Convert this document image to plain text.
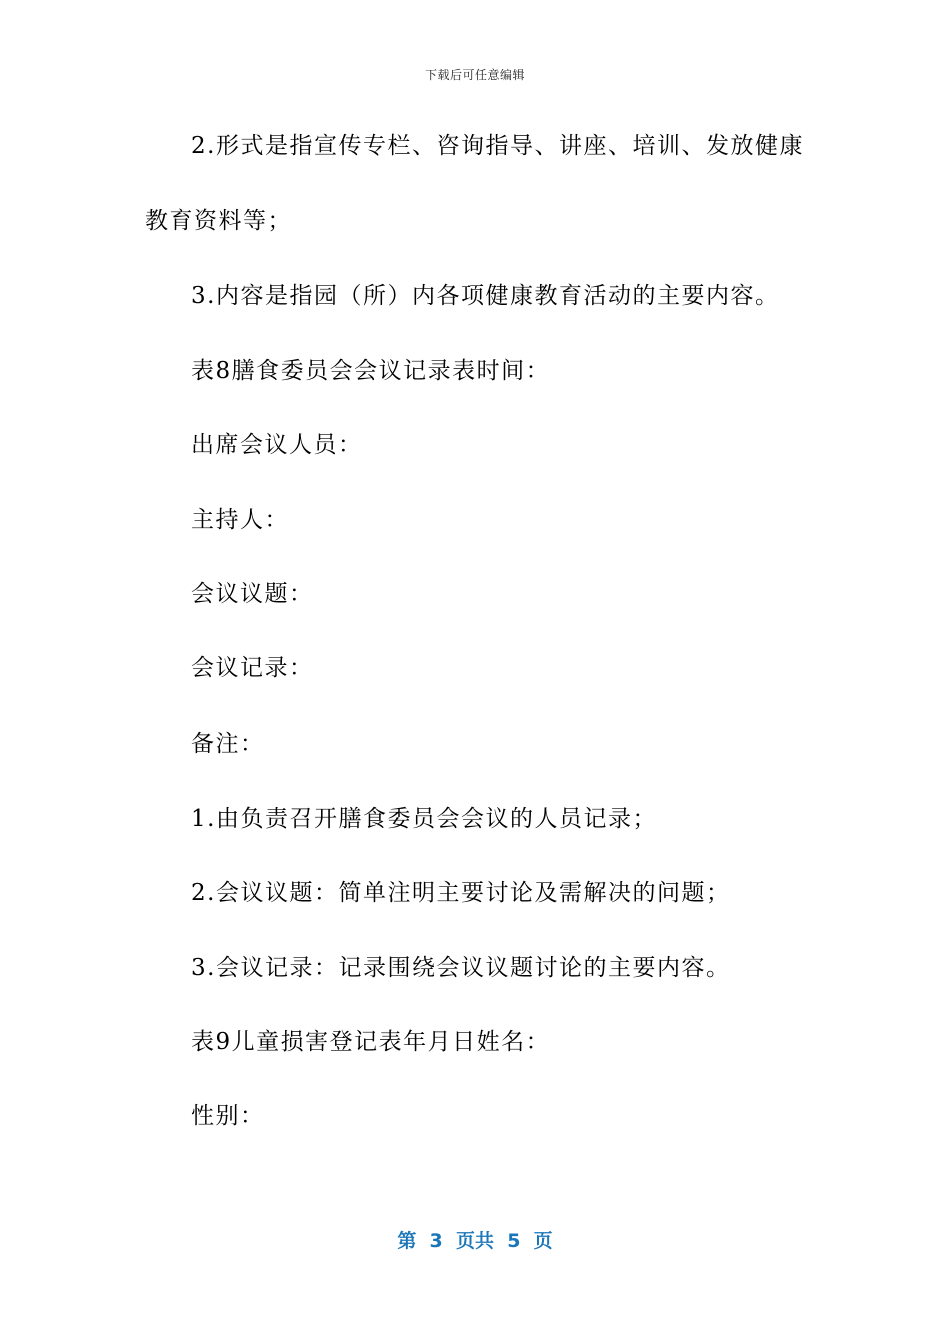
下载后可任意编辑
2.形式是指宣传专栏、咨询指导、讲座、培训、发放健康
教育资料等；
3.内容是指园（所）内各项健康教育活动的主要内容。
表8膳食委员会会议记录表时间：
出席会议人员：
主持人：
会议议题：
会议记录：
备注：
1.由负责召开膳食委员会会议的人员记录；
2.会议议题：简单注明主要讨论及需解决的问题；
3.会议记录：记录围绕会议议题讨论的主要内容。
表9儿童损害登记表年月日姓名：
性别：
第  3  页共  5  页
